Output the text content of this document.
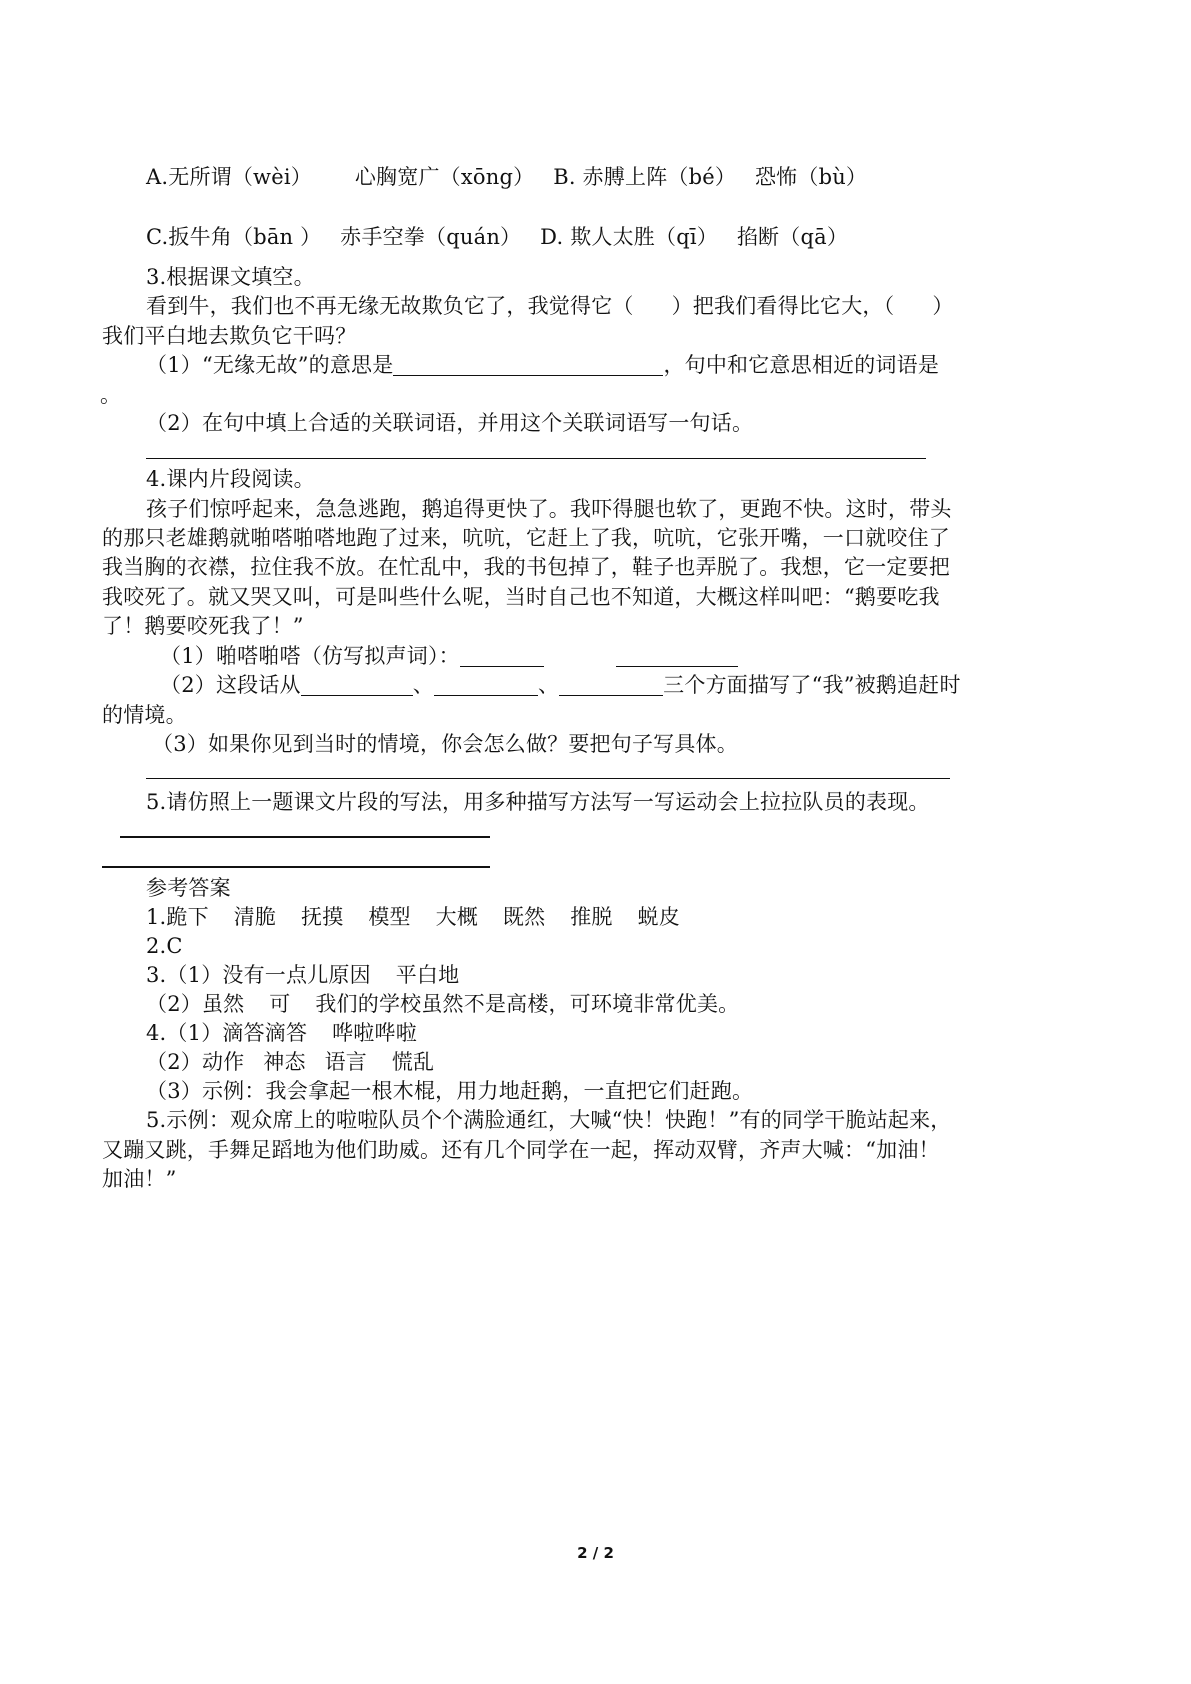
A.无所谓（wèi） 心胸宽广（xōng） B. 赤膊上阵（bé） 恐怖（bù）
C.扳牛角（bān ） 赤手空拳（quán） D. 欺人太胜（qī） 掐断（qā）
3.根据课文填空。
看到牛，我们也不再无缘无故欺负它了，我觉得它（ ）把我们看得比它大，（ ）
我们平白地去欺负它干吗？
（1）“无缘无故”的意思是	，句中和它意思相近的词语是
。
（2）在句中填上合适的关联词语，并用这个关联词语写一句话。
4.课内片段阅读。
孩子们惊呼起来，急急逃跑，鹅追得更快了。我吓得腿也软了，更跑不快。这时，带头
的那只老雄鹅就啪嗒啪嗒地跑了过来，吭吭，它赶上了我，吭吭，它张开嘴，一口就咬住了
我当胸的衣襟，拉住我不放。在忙乱中，我的书包掉了，鞋子也弄脱了。我想，它一定要把
我咬死了。就又哭又叫，可是叫些什么呢，当时自己也不知道，大概这样叫吧：“鹅要吃我
了！鹅要咬死我了！”
（1）啪嗒啪嗒（仿写拟声词）：
（2）这段话从	、	、	三个方面描写了“我”被鹅追赶时
的情境。
（3）如果你见到当时的情境，你会怎么做？要把句子写具体。
5.请仿照上一题课文片段的写法，用多种描写方法写一写运动会上拉拉队员的表现。
参考答案
1.跪下 清脆 抚摸 模型 大概 既然 推脱 蜕皮
2.C
3.（1）没有一点儿原因 平白地
（2）虽然 可 我们的学校虽然不是高楼，可环境非常优美。
4.（1）滴答滴答 哗啦哗啦
（2）动作 神态 语言 慌乱
（3）示例：我会拿起一根木棍，用力地赶鹅，一直把它们赶跑。
5.示例：观众席上的啦啦队员个个满脸通红，大喊“快！快跑！”有的同学干脆站起来，
又蹦又跳，手舞足蹈地为他们助威。还有几个同学在一起，挥动双臂，齐声大喊：“加油！
加油！”
2 / 2
